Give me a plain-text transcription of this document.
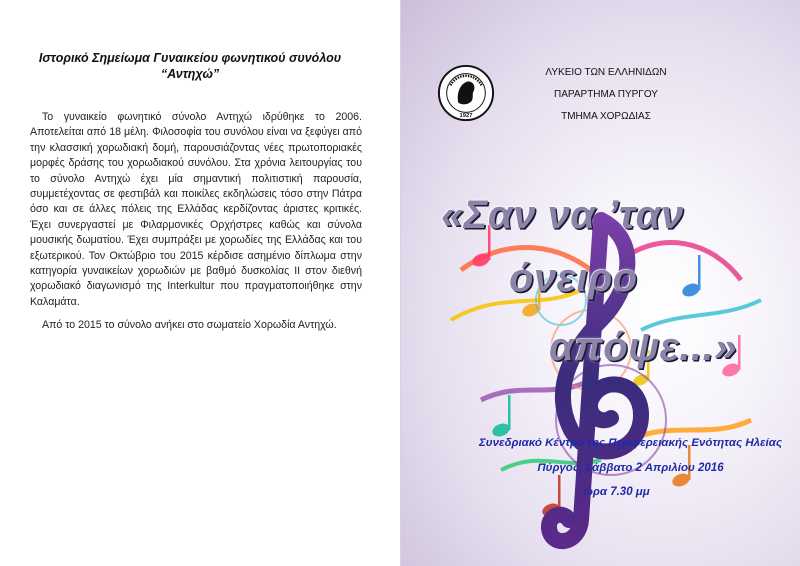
Ιστορικό Σημείωμα Γυναικείου φωνητικού συνόλου
“Αντηχώ”

Το γυναικείο φωνητικό σύνολο Αντηχώ ιδρύθηκε το 2006. Αποτελείται από 18 μέλη. Φιλοσοφία του συνόλου είναι να ξεφύγει από την κλασσική χορωδιακή δομή, παρουσιάζοντας νέες πρωτοποριακές μορφές δράσης του χορωδιακού συνόλου. Στα χρόνια λειτουργίας του το σύνολο Αντηχώ έχει μία σημαντική πολιτιστική παρουσία, συμμετέχοντας σε φεστιβάλ και ποικίλες εκδηλώσεις τόσο στην Πάτρα όσο και σε άλλες πόλεις της Ελλάδας κερδίζοντας άριστες κριτικές. Έχει συνεργαστεί με Φιλαρμονικές Ορχήστρες καθώς και σύνολα μουσικής δωματίου. Έχει συμπράξει με χορωδίες της Ελλάδας και του εξωτερικού. Τον Οκτώβριο του 2015 κέρδισε ασημένιο δίπλωμα στην κατηγορία γυναικείων χορωδιών με βαθμό δυσκολίας ΙΙ στον διεθνή χορωδιακό διαγωνισμό της Interkultur που πραγματοποιήθηκε στην Καλαμάτα.

Από το 2015 το σύνολο ανήκει στο σωματείο Χορωδία Αντηχώ.

1927
ΛΥΚΕΙΟ ΤΩΝ ΕΛΛΗΝΙΔΩΝ
ΠΑΡΑΡΤΗΜΑ ΠΥΡΓΟΥ
ΤΜΗΜΑ ΧΟΡΩΔΙΑΣ
«Σαν να ’ταν
όνειρο
απόψε...»
Συνεδριακό Κέντρο της Περιφερειακής Ενότητας Ηλείας
Πύργος, Σάββατο 2 Απριλίου 2016
ώρα 7.30 μμ
